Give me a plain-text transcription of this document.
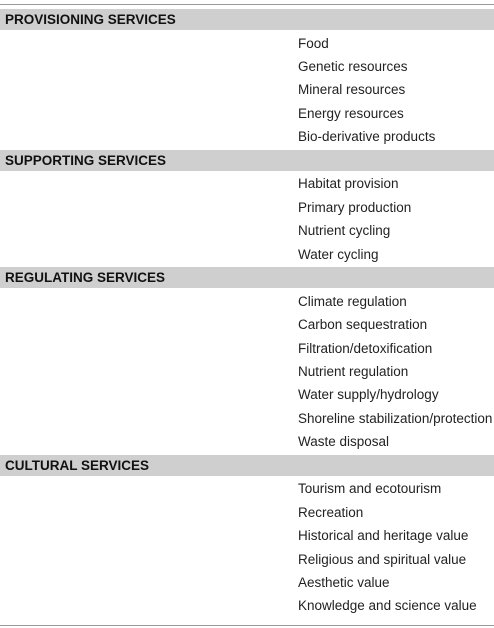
PROVISIONING SERVICES
Food
Genetic resources
Mineral resources
Energy resources
Bio-derivative products
SUPPORTING SERVICES
Habitat provision
Primary production
Nutrient cycling
Water cycling
REGULATING SERVICES
Climate regulation
Carbon sequestration
Filtration/detoxification
Nutrient regulation
Water supply/hydrology
Shoreline stabilization/protection
Waste disposal
CULTURAL SERVICES
Tourism and ecotourism
Recreation
Historical and heritage value
Religious and spiritual value
Aesthetic value
Knowledge and science value
